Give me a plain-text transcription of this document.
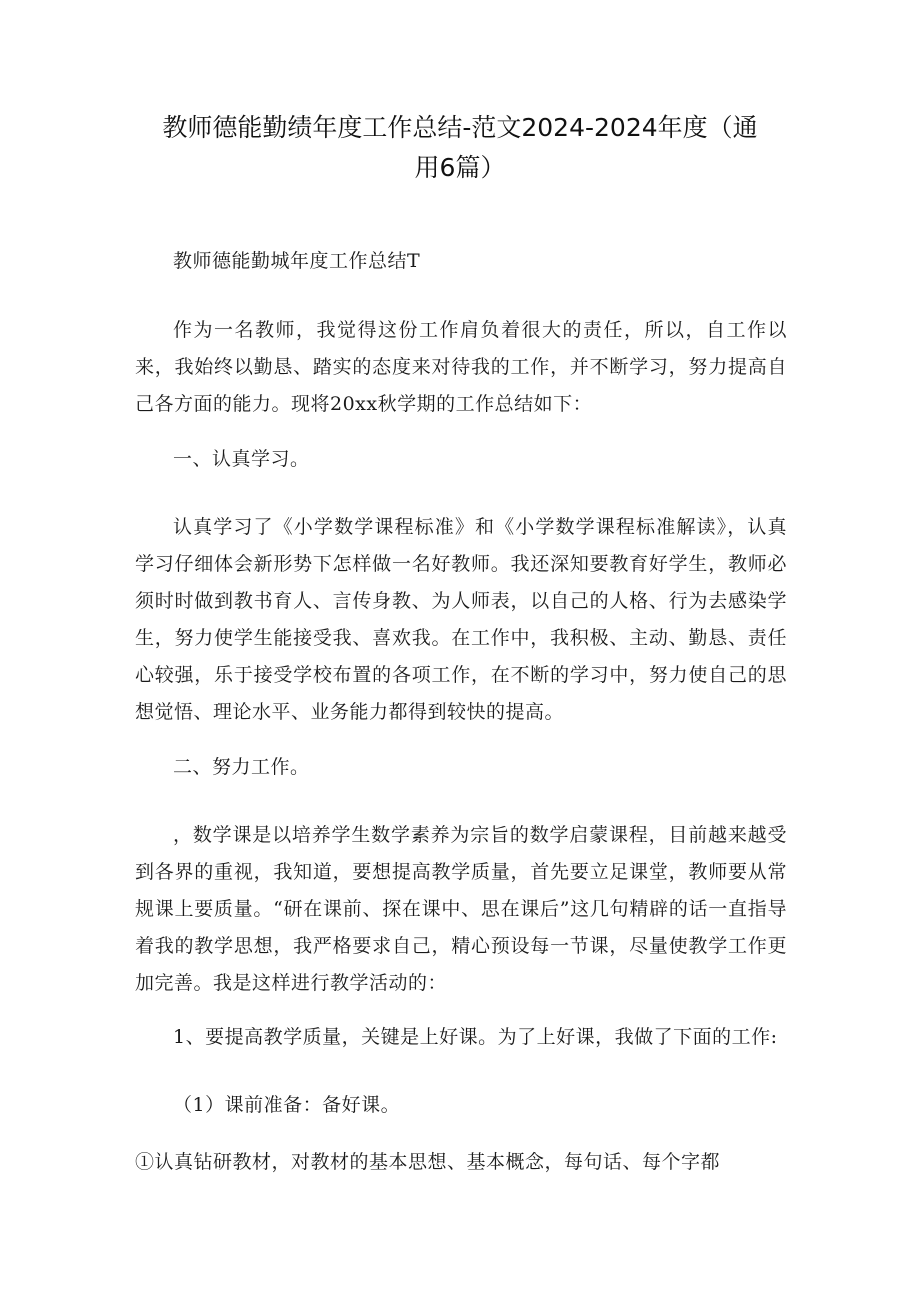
教师德能勤绩年度工作总结-范文2024-2024年度（通用6篇）

教师德能勤城年度工作总结T

作为一名教师，我觉得这份工作肩负着很大的责任，所以，自工作以来，我始终以勤恳、踏实的态度来对待我的工作，并不断学习，努力提高自己各方面的能力。现将20xx秋学期的工作总结如下：

一、认真学习。

认真学习了《小学数学课程标准》和《小学数学课程标准解读》，认真学习仔细体会新形势下怎样做一名好教师。我还深知要教育好学生，教师必须时时做到教书育人、言传身教、为人师表，以自己的人格、行为去感染学生，努力使学生能接受我、喜欢我。在工作中，我积极、主动、勤恳、责任心较强，乐于接受学校布置的各项工作，在不断的学习中，努力使自己的思想觉悟、理论水平、业务能力都得到较快的提高。

二、努力工作。

，数学课是以培养学生数学素养为宗旨的数学启蒙课程，目前越来越受到各界的重视，我知道，要想提高教学质量，首先要立足课堂，教师要从常规课上要质量。“研在课前、探在课中、思在课后”这几句精辟的话一直指导着我的教学思想，我严格要求自己，精心预设每一节课，尽量使教学工作更加完善。我是这样进行教学活动的：

1、要提高教学质量，关键是上好课。为了上好课，我做了下面的工作:

（1）课前准备：备好课。

①认真钻研教材，对教材的基本思想、基本概念，每句话、每个字都
